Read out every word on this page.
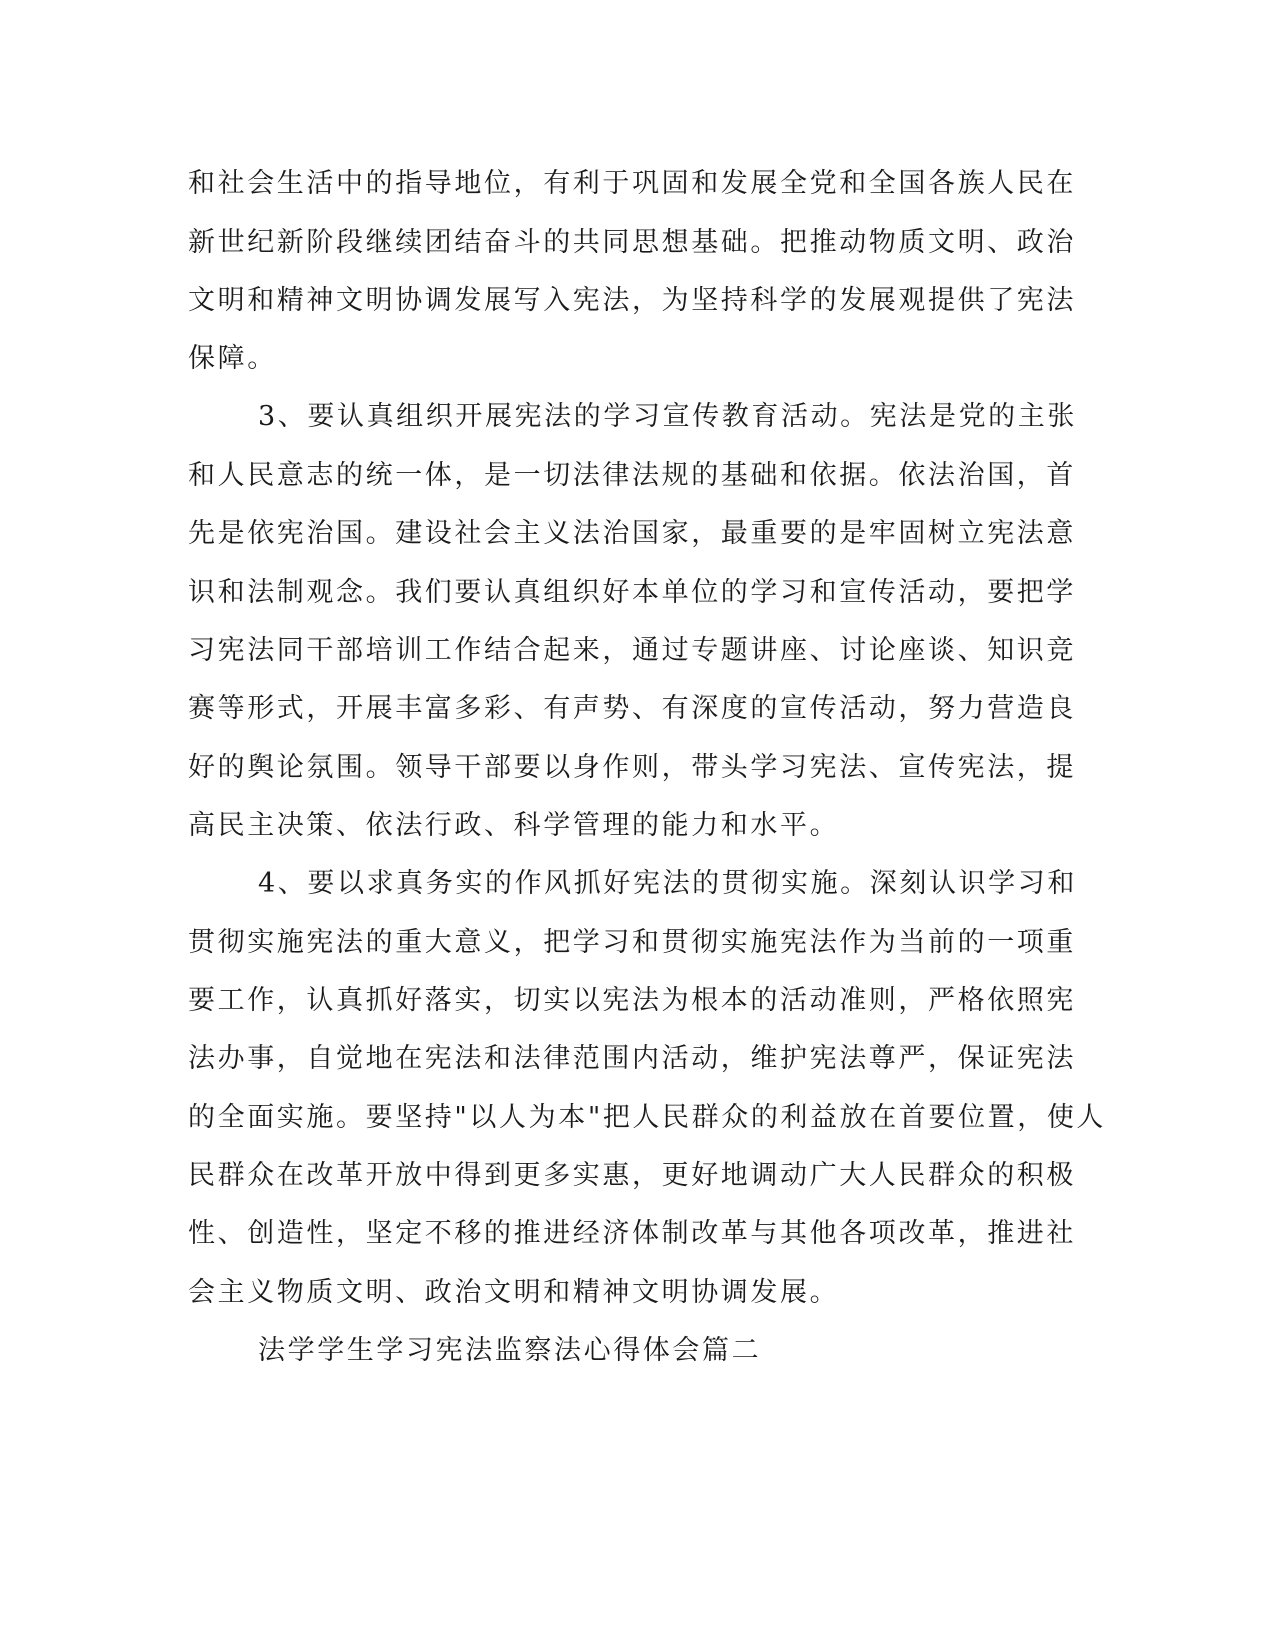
和社会生活中的指导地位，有利于巩固和发展全党和全国各族人民在

新世纪新阶段继续团结奋斗的共同思想基础。把推动物质文明、政治

文明和精神文明协调发展写入宪法，为坚持科学的发展观提供了宪法

保障。

3、要认真组织开展宪法的学习宣传教育活动。宪法是党的主张

和人民意志的统一体，是一切法律法规的基础和依据。依法治国，首

先是依宪治国。建设社会主义法治国家，最重要的是牢固树立宪法意

识和法制观念。我们要认真组织好本单位的学习和宣传活动，要把学

习宪法同干部培训工作结合起来，通过专题讲座、讨论座谈、知识竞

赛等形式，开展丰富多彩、有声势、有深度的宣传活动，努力营造良

好的舆论氛围。领导干部要以身作则，带头学习宪法、宣传宪法，提

高民主决策、依法行政、科学管理的能力和水平。

4、要以求真务实的作风抓好宪法的贯彻实施。深刻认识学习和

贯彻实施宪法的重大意义，把学习和贯彻实施宪法作为当前的一项重

要工作，认真抓好落实，切实以宪法为根本的活动准则，严格依照宪

法办事，自觉地在宪法和法律范围内活动，维护宪法尊严，保证宪法

的全面实施。要坚持"以人为本"把人民群众的利益放在首要位置，使人

民群众在改革开放中得到更多实惠，更好地调动广大人民群众的积极

性、创造性，坚定不移的推进经济体制改革与其他各项改革，推进社

会主义物质文明、政治文明和精神文明协调发展。

法学学生学习宪法监察法心得体会篇二
